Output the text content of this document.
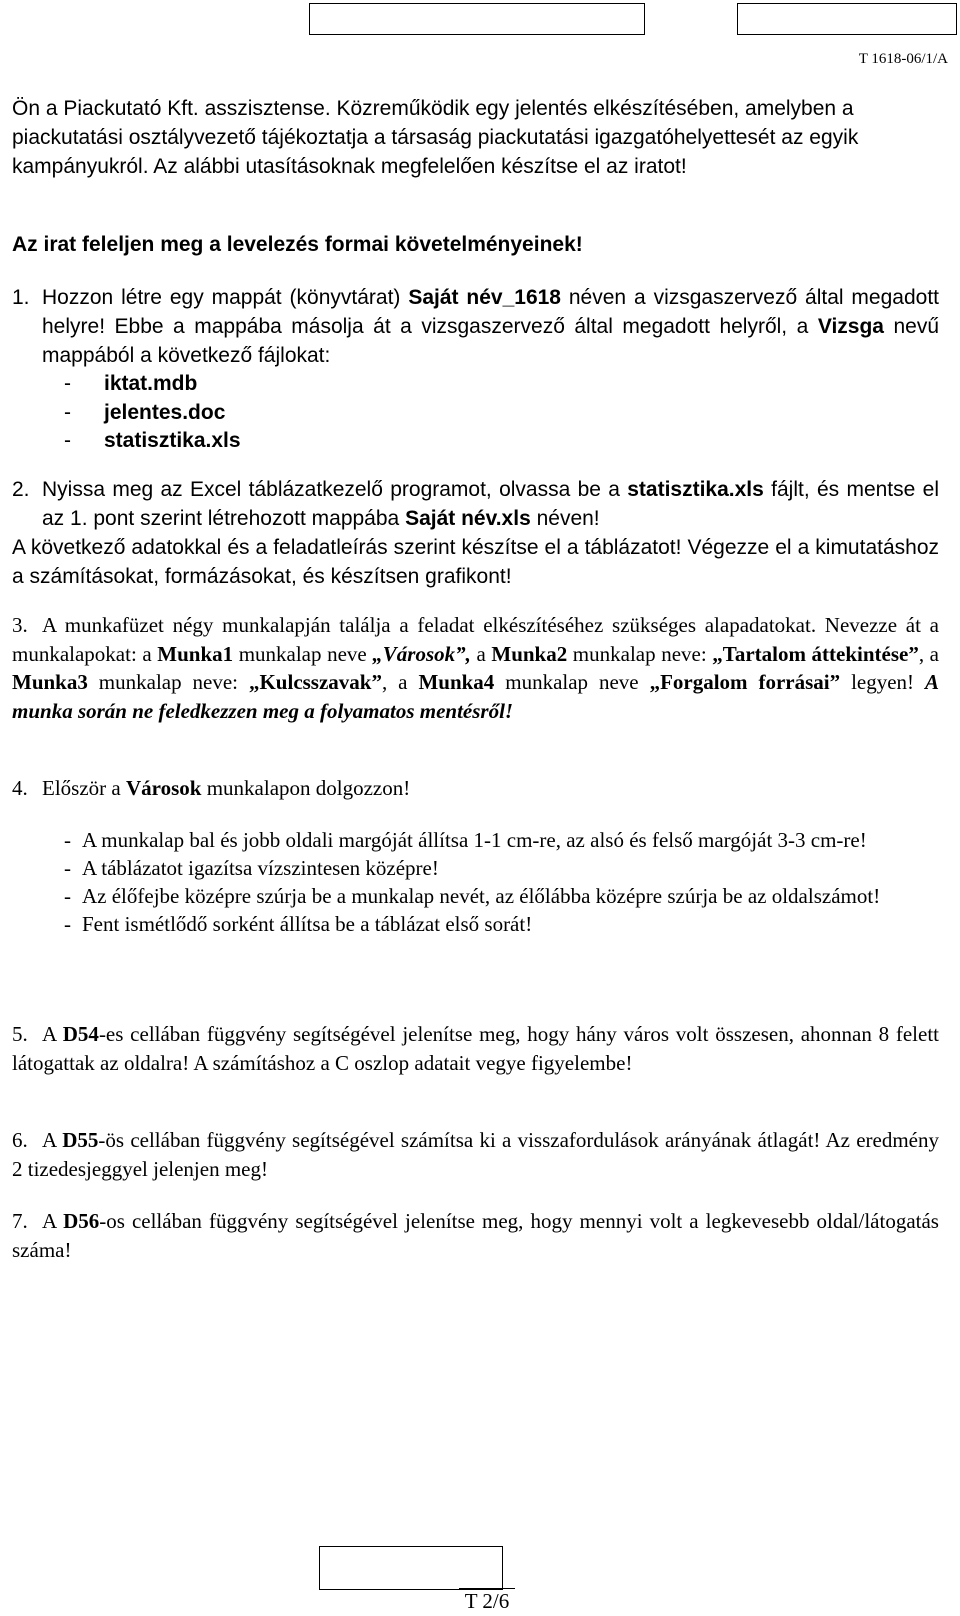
T 1618-06/1/A
Ön a Piackutató Kft. asszisztense. Közreműködik egy jelentés elkészítésében, amelyben a
piackutatási osztályvezető tájékoztatja a társaság piackutatási igazgatóhelyettesét az egyik
kampányukról. Az alábbi utasításoknak megfelelően készítse el az iratot!
Az irat feleljen meg a levelezés formai követelményeinek!
1. Hozzon létre egy mappát (könyvtárat) Saját név_1618 néven a vizsgaszervező által megadott helyre! Ebbe a mappába másolja át a vizsgaszervező által megadott helyről, a Vizsga nevű mappából a következő fájlokat:
- iktat.mdb
- jelentes.doc
- statisztika.xls
2. Nyissa meg az Excel táblázatkezelő programot, olvassa be a statisztika.xls fájlt, és mentse el az 1. pont szerint létrehozott mappába Saját név.xls néven!
A következő adatokkal és a feladatleírás szerint készítse el a táblázatot! Végezze el a kimutatáshoz a számításokat, formázásokat, és készítsen grafikont!
3. A munkafüzet négy munkalapján találja a feladat elkészítéséhez szükséges alapadatokat. Nevezze át a munkalapokat: a Munka1 munkalap neve „Városok”, a Munka2 munkalap neve: „Tartalom áttekintése”, a Munka3 munkalap neve: „Kulcsszavak”, a Munka4 munkalap neve „Forgalom forrásai” legyen! A munka során ne feledkezzen meg a folyamatos mentésről!
4. Először a Városok munkalapon dolgozzon!
- A munkalap bal és jobb oldali margóját állítsa 1-1 cm-re, az alsó és felső margóját 3-3 cm-re!
- A táblázatot igazítsa vízszintesen középre!
- Az élőfejbe középre szúrja be a munkalap nevét, az élőlábba középre szúrja be az oldalszámot!
- Fent ismétlődő sorként állítsa be a táblázat első sorát!
5. A D54-es cellában függvény segítségével jelenítse meg, hogy hány város volt összesen, ahonnan 8 felett látogattak az oldalra! A számításhoz a C oszlop adatait vegye figyelembe!
6. A D55-ös cellában függvény segítségével számítsa ki a visszafordulások arányának átlagát! Az eredmény 2 tizedesjeggyel jelenjen meg!
7. A D56-os cellában függvény segítségével jelenítse meg, hogy mennyi volt a legkevesebb oldal/látogatás száma!
T 2/6
